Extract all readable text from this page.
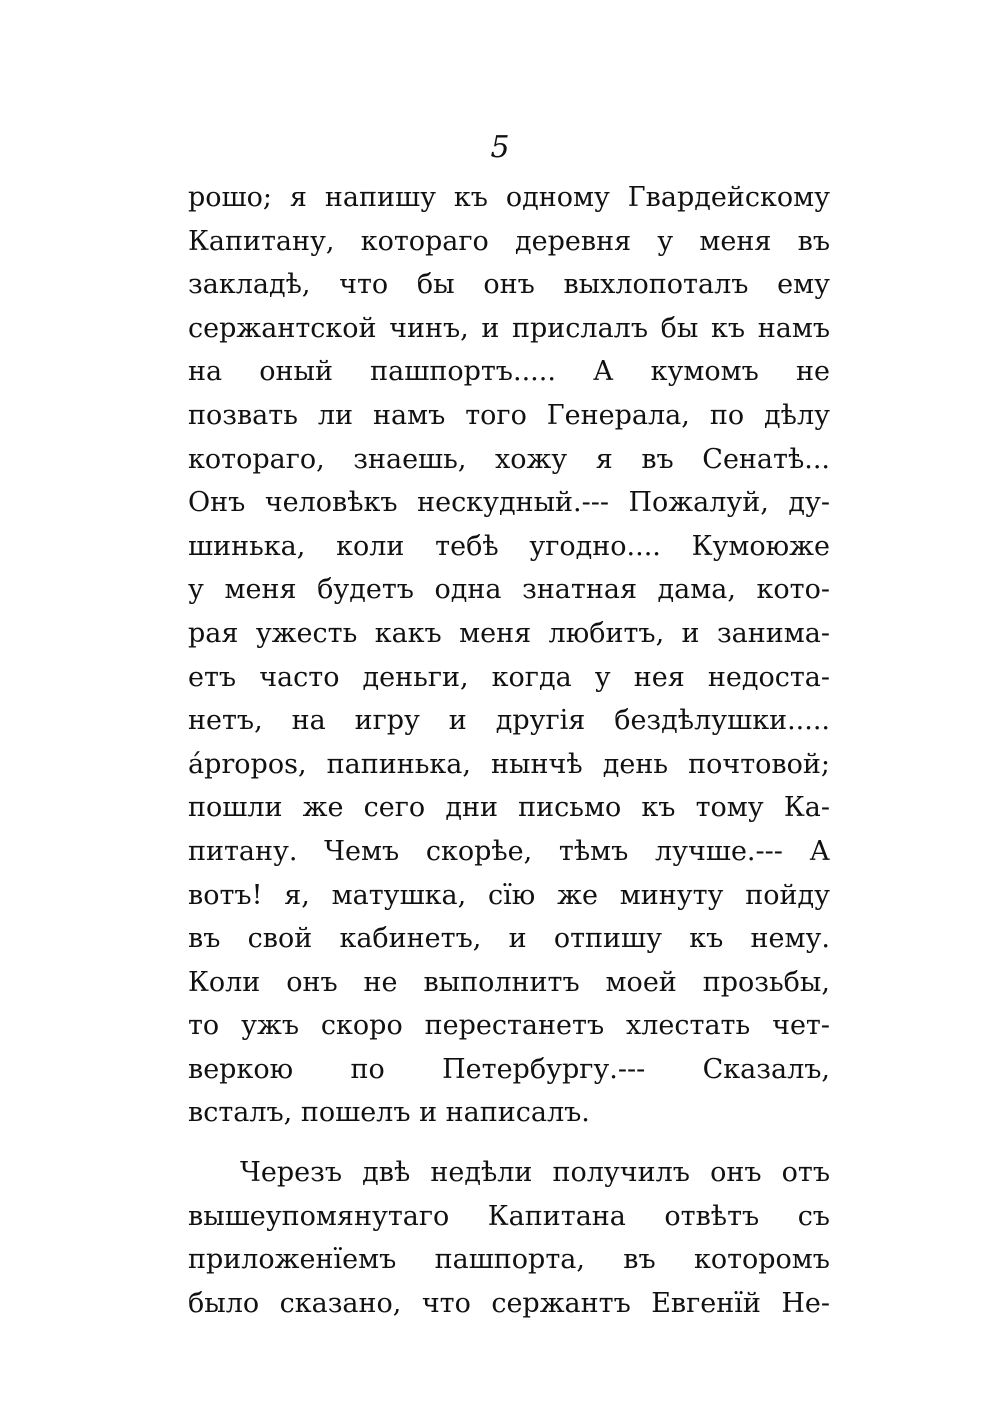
5
рошо; я напишу къ одному Гвардейскому
Капитану, котораго деревня у меня въ
закладѣ, что бы онъ выхлопоталъ ему
сержантской чинъ, и прислалъ бы къ намъ
на оный пашпортъ..... А кумомъ не
позвать ли намъ того Генерала, по дѣлу
котораго, знаешь, хожу я въ Сенатѣ...
Онъ человѣкъ нескудный.--- Пожалуй, ду-
шинька, коли тебѣ угодно.... Кумоюже
у меня будетъ одна знатная дама, кото-
рая ужесть какъ меня любитъ, и занима-
етъ часто деньги, когда у нея недоста-
нетъ, на игру и другія бездѣлушки.....
ápropos, папинька, нынчѣ день почтовой;
пошли же сего дни письмо къ тому Ка-
питану. Чемъ скорѣе, тѣмъ лучше.--- А
вотъ! я, матушка, сїю же минуту пойду
въ свой кабинетъ, и отпишу къ нему.
Коли онъ не выполнитъ моей прозьбы,
то ужъ скоро перестанетъ хлестать чет-
веркою по Петербургу.--- Сказалъ,
всталъ, пошелъ и написалъ.
Черезъ двѣ недѣли получилъ онъ отъ
вышеупомянутаго Капитана отвѣтъ съ
приложенїемъ пашпорта, въ которомъ
было сказано, что сержантъ Евгенїй Не-
